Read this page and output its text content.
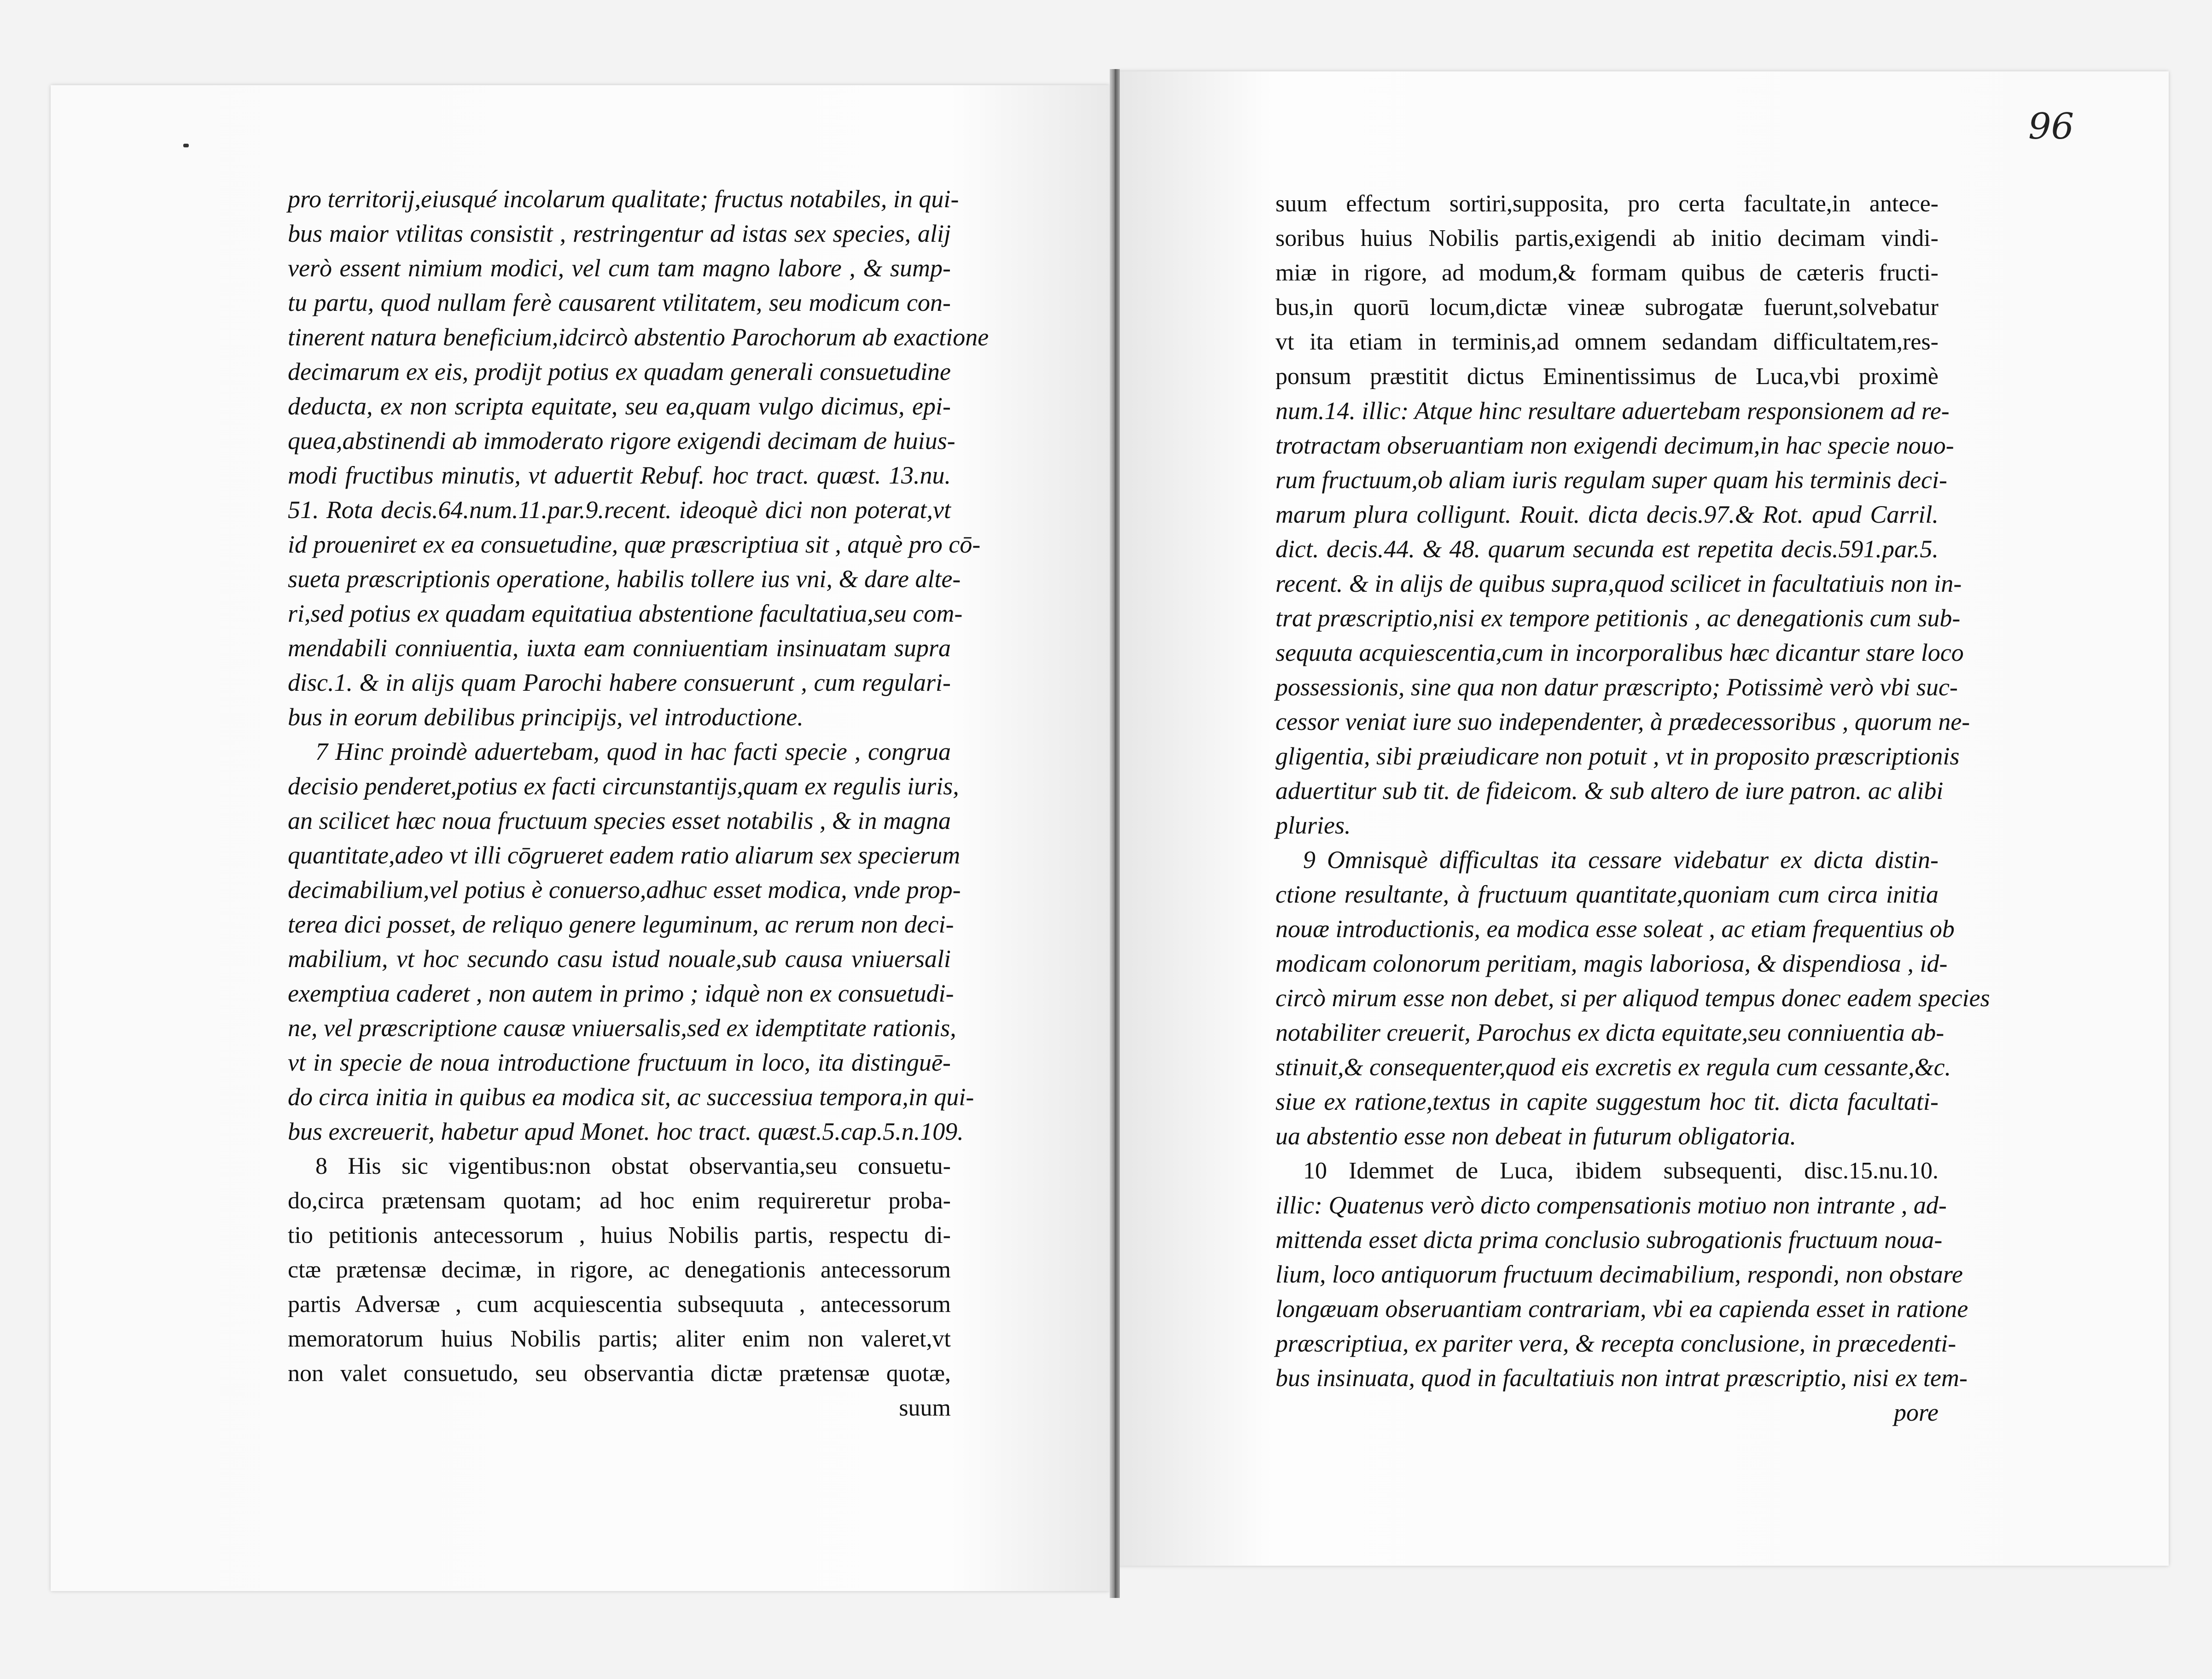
96
pro territorij,eiusqué incolarum qualitate; fructus notabiles, in qui-
bus maior vtilitas consistit , restringentur ad istas sex species, alij
verò essent nimium modici, vel cum tam magno labore , & sump-
tu partu, quod nullam ferè causarent vtilitatem, seu modicum con-
tinerent natura beneficium,idcircò abstentio Parochorum ab exactione
decimarum ex eis, prodijt potius ex quadam generali consuetudine
deducta, ex non scripta equitate, seu ea,quam vulgo dicimus, epi-
quea,abstinendi ab immoderato rigore exigendi decimam de huius-
modi fructibus minutis, vt aduertit Rebuf. hoc tract. quæst. 13.nu.
51. Rota decis.64.num.11.par.9.recent. ideoquè dici non poterat,vt
id proueniret ex ea consuetudine, quæ præscriptiua sit , atquè pro cō-
sueta præscriptionis operatione, habilis tollere ius vni, & dare alte-
ri,sed potius ex quadam equitatiua abstentione facultatiua,seu com-
mendabili conniuentia, iuxta eam conniuentiam insinuatam supra
disc.1. & in alijs quam Parochi habere consuerunt , cum regulari-
bus in eorum debilibus principijs, vel introductione.
7 Hinc proindè aduertebam, quod in hac facti specie , congrua
decisio penderet,potius ex facti circunstantijs,quam ex regulis iuris,
an scilicet hæc noua fructuum species esset notabilis , & in magna
quantitate,adeo vt illi cōgrueret eadem ratio aliarum sex specierum
decimabilium,vel potius è conuerso,adhuc esset modica, vnde prop-
terea dici posset, de reliquo genere leguminum, ac rerum non deci-
mabilium, vt hoc secundo casu istud nouale,sub causa vniuersali
exemptiua caderet , non autem in primo ; idquè non ex consuetudi-
ne, vel præscriptione causæ vniuersalis,sed ex idemptitate rationis,
vt in specie de noua introductione fructuum in loco, ita distinguē-
do circa initia in quibus ea modica sit, ac successiua tempora,in qui-
bus excreuerit, habetur apud Monet. hoc tract. quæst.5.cap.5.n.109.
8 His sic vigentibus:non obstat observantia,seu consuetu-
do,circa prætensam quotam; ad hoc enim requireretur proba-
tio petitionis antecessorum , huius Nobilis partis, respectu di-
ctæ prætensæ decimæ, in rigore, ac denegationis antecessorum
partis Adversæ , cum acquiescentia subsequuta , antecessorum
memoratorum huius Nobilis partis; aliter enim non valeret,vt
non valet consuetudo, seu observantia dictæ prætensæ quotæ,
suum
suum effectum sortiri,supposita, pro certa facultate,in antece-
soribus huius Nobilis partis,exigendi ab initio decimam vindi-
miæ in rigore, ad modum,& formam quibus de cæteris fructi-
bus,in quorū locum,dictæ vineæ subrogatæ fuerunt,solvebatur
vt ita etiam in terminis,ad omnem sedandam difficultatem,res-
ponsum præstitit dictus Eminentissimus de Luca,vbi proximè
num.14. illic: Atque hinc resultare aduertebam responsionem ad re-
trotractam obseruantiam non exigendi decimum,in hac specie nouo-
rum fructuum,ob aliam iuris regulam super quam his terminis deci-
marum plura colligunt. Rouit. dicta decis.97.& Rot. apud Carril.
dict. decis.44. & 48. quarum secunda est repetita decis.591.par.5.
recent. & in alijs de quibus supra,quod scilicet in facultatiuis non in-
trat præscriptio,nisi ex tempore petitionis , ac denegationis cum sub-
sequuta acquiescentia,cum in incorporalibus hæc dicantur stare loco
possessionis, sine qua non datur præscripto; Potissimè verò vbi suc-
cessor veniat iure suo independenter, à prædecessoribus , quorum ne-
gligentia, sibi præiudicare non potuit , vt in proposito præscriptionis
aduertitur sub tit. de fideicom. & sub altero de iure patron. ac alibi
pluries.
9 Omnisquè difficultas ita cessare videbatur ex dicta distin-
ctione resultante, à fructuum quantitate,quoniam cum circa initia
nouæ introductionis, ea modica esse soleat , ac etiam frequentius ob
modicam colonorum peritiam, magis laboriosa, & dispendiosa , id-
circò mirum esse non debet, si per aliquod tempus donec eadem species
notabiliter creuerit, Parochus ex dicta equitate,seu conniuentia ab-
stinuit,& consequenter,quod eis excretis ex regula cum cessante,&c.
siue ex ratione,textus in capite suggestum hoc tit. dicta facultati-
ua abstentio esse non debeat in futurum obligatoria.
10 Idemmet de Luca, ibidem subsequenti, disc.15.nu.10.
illic: Quatenus verò dicto compensationis motiuo non intrante , ad-
mittenda esset dicta prima conclusio subrogationis fructuum noua-
lium, loco antiquorum fructuum decimabilium, respondi, non obstare
longæuam obseruantiam contrariam, vbi ea capienda esset in ratione
præscriptiua, ex pariter vera, & recepta conclusione, in præcedenti-
bus insinuata, quod in facultatiuis non intrat præscriptio, nisi ex tem-
pore
